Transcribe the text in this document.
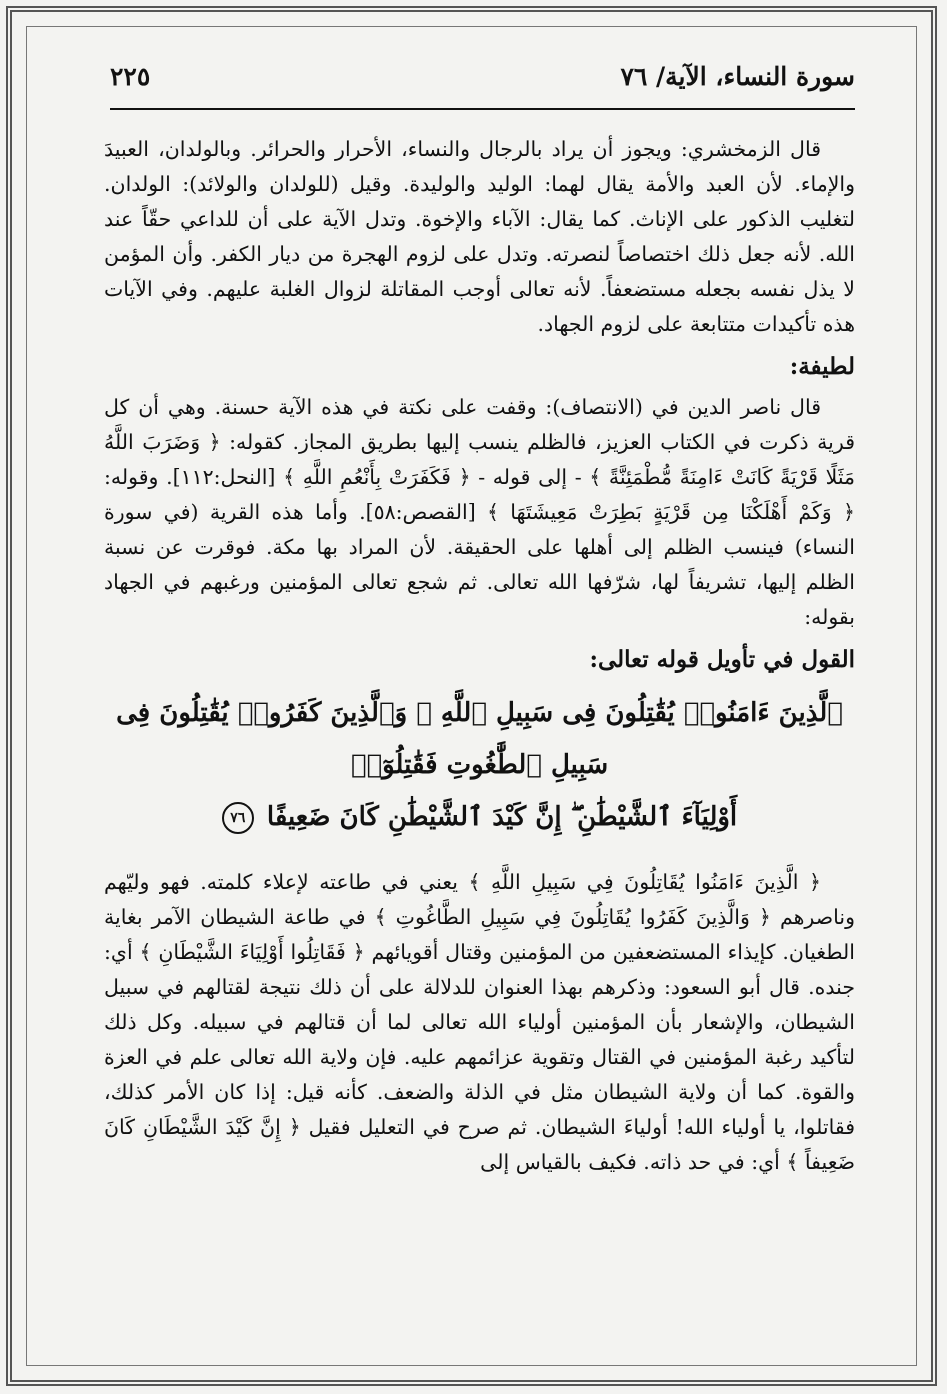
سورة النساء، الآية/ ٧٦
٢٢٥

قال الزمخشري: ويجوز أن يراد بالرجال والنساء، الأحرار والحرائر. وبالولدان، العبيدَ والإماء. لأن العبد والأمة يقال لهما: الوليد والوليدة. وقيل (للولدان والولائد): الولدان. لتغليب الذكور على الإناث. كما يقال: الآباء والإخوة. وتدل الآية على أن للداعي حقّاً عند الله. لأنه جعل ذلك اختصاصاً لنصرته. وتدل على لزوم الهجرة من ديار الكفر. وأن المؤمن لا يذل نفسه بجعله مستضعفاً. لأنه تعالى أوجب المقاتلة لزوال الغلبة عليهم. وفي الآيات هذه تأكيدات متتابعة على لزوم الجهاد.

لطيفة:

قال ناصر الدين في (الانتصاف): وقفت على نكتة في هذه الآية حسنة. وهي أن كل قرية ذكرت في الكتاب العزيز، فالظلم ينسب إليها بطريق المجاز. كقوله: ﴿ وَضَرَبَ اللَّهُ مَثَلًا قَرْيَةً كَانَتْ ءَامِنَةً مُّطْمَئِنَّةً ﴾ - إلى قوله - ﴿ فَكَفَرَتْ بِأَنْعُمِ اللَّهِ ﴾ [النحل:١١٢]. وقوله: ﴿ وَكَمْ أَهْلَكْنَا مِن قَرْيَةٍ بَطِرَتْ مَعِيشَتَهَا ﴾ [القصص:٥٨]. وأما هذه القرية (في سورة النساء) فينسب الظلم إلى أهلها على الحقيقة. لأن المراد بها مكة. فوقرت عن نسبة الظلم إليها، تشريفاً لها، شرّفها الله تعالى. ثم شجع تعالى المؤمنين ورغبهم في الجهاد بقوله:

القول في تأويل قوله تعالى:
ٱلَّذِينَ ءَامَنُوا۟ يُقَٰتِلُونَ فِى سَبِيلِ ٱللَّهِ ۖ وَٱلَّذِينَ كَفَرُوا۟ يُقَٰتِلُونَ فِى سَبِيلِ ٱلطَّٰغُوتِ فَقَٰتِلُوٓا۟
أَوْلِيَآءَ ٱلشَّيْطَٰنِ ۖ إِنَّ كَيْدَ ٱلشَّيْطَٰنِ كَانَ ضَعِيفًا ٧٦

﴿ الَّذِينَ ءَامَنُوا يُقَاتِلُونَ فِي سَبِيلِ اللَّهِ ﴾ يعني في طاعته لإعلاء كلمته. فهو وليّهم وناصرهم ﴿ وَالَّذِينَ كَفَرُوا يُقَاتِلُونَ فِي سَبِيلِ الطَّاغُوتِ ﴾ في طاعة الشيطان الآمر بغاية الطغيان. كإيذاء المستضعفين من المؤمنين وقتال أقويائهم ﴿ فَقَاتِلُوا أَوْلِيَاءَ الشَّيْطَانِ ﴾ أي: جنده. قال أبو السعود: وذكرهم بهذا العنوان للدلالة على أن ذلك نتيجة لقتالهم في سبيل الشيطان، والإشعار بأن المؤمنين أولياء الله تعالى لما أن قتالهم في سبيله. وكل ذلك لتأكيد رغبة المؤمنين في القتال وتقوية عزائمهم عليه. فإن ولاية الله تعالى علم في العزة والقوة. كما أن ولاية الشيطان مثل في الذلة والضعف. كأنه قيل: إذا كان الأمر كذلك، فقاتلوا، يا أولياء الله! أولياءَ الشيطان. ثم صرح في التعليل فقيل ﴿ إِنَّ كَيْدَ الشَّيْطَانِ كَانَ ضَعِيفاً ﴾ أي: في حد ذاته. فكيف بالقياس إلى
